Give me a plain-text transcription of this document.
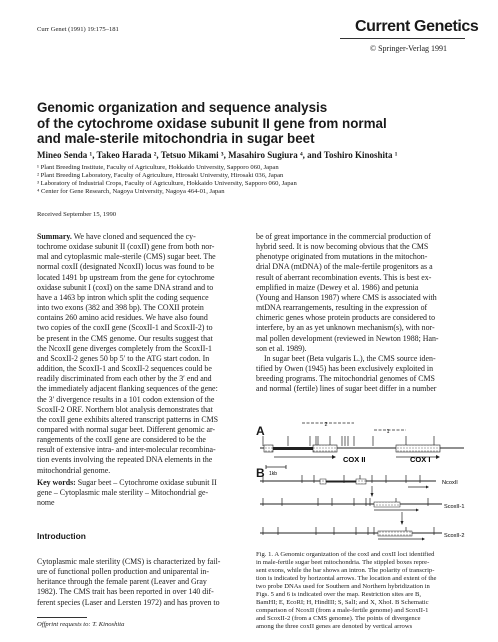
Curr Genet (1991) 19:175–181	Current Genetics
© Springer-Verlag 1991
Genomic organization and sequence analysis
of the cytochrome oxidase subunit II gene from normal
and male-sterile mitochondria in sugar beet
Mineo Senda ¹, Takeo Harada ², Tetsuo Mikami ³, Masahiro Sugiura ⁴, and Toshiro Kinoshita ¹
¹ Plant Breeding Institute, Faculty of Agriculture, Hokkaido University, Sapporo 060, Japan
² Plant Breeding Laboratory, Faculty of Agriculture, Hirosaki University, Hirosaki 036, Japan
³ Laboratory of Industrial Crops, Faculty of Agriculture, Hokkaido University, Sapporo 060, Japan
⁴ Center for Gene Research, Nagoya University, Nagoya 464-01, Japan
Received September 15, 1990
Summary. We have cloned and sequenced the cy-
tochrome oxidase subunit II (coxII) gene from both nor-
mal and cytoplasmic male-sterile (CMS) sugar beet. The
normal coxII (designated NcoxII) locus was found to be
located 1491 bp upstream from the gene for cytochrome
oxidase subunit I (coxI) on the same DNA strand and to
have a 1463 bp intron which split the coding sequence
into two exons (382 and 398 bp). The COXII protein
contains 260 amino acid residues. We have also found
two copies of the coxII gene (ScoxII-1 and ScoxII-2) to
be present in the CMS genome. Our results suggest that
the NcoxII gene diverges completely from the ScoxII-1
and ScoxII-2 genes 50 bp 5′ to the ATG start codon. In
addition, the ScoxII-1 and ScoxII-2 sequences could be
readily discriminated from each other by the 3′ end and
the immediately adjacent flanking sequences of the gene:
the 3′ divergence results in a 101 codon extension of the
ScoxII-2 ORF. Northern blot analysis demonstrates that
the coxII gene exhibits altered transcript patterns in CMS
compared with normal sugar beet. Different genomic ar-
rangements of the coxII gene are considered to be the
result of extensive intra- and inter-molecular recombina-
tion events involving the repeated DNA elements in the
mitochondrial genome.
Key words: Sugar beet – Cytochrome oxidase subunit II
gene – Cytoplasmic male sterility – Mitochondrial ge-
nome
Introduction
Cytoplasmic male sterility (CMS) is characterized by fail-
ure of functional pollen production and uniparental in-
heritance through the female parent (Leaver and Gray
1982). The CMS trait has been reported in over 140 dif-
ferent species (Laser and Lersten 1972) and has proven to
Offprint requests to: T. Kinoshita
be of great importance in the commercial production of
hybrid seed. It is now becoming obvious that the CMS
phenotype originated from mutations in the mitochon-
drial DNA (mtDNA) of the male-fertile progenitors as a
result of aberrant recombination events. This is best ex-
emplified in maize (Dewey et al. 1986) and petunia
(Young and Hanson 1987) where CMS is associated with
mtDNA rearrangements, resulting in the expression of
chimeric genes whose protein products are considered to
interfere, by an as yet unknown mechanism(s), with nor-
mal pollen development (reviewed in Newton 1988; Han-
son et al. 1989).
In sugar beet (Beta vulgaris L.), the CMS source iden-
tified by Owen (1945) has been exclusively exploited in
breeding programs. The mitochondrial genomes of CMS
and normal (fertile) lines of sugar beet differ in a number
A
B
2
1
COX II	COX I
1kb
NcoxII
ScoxII-1
ScoxII-2
Fig. 1. A Genomic organization of the coxI and coxII loci identified
in male-fertile sugar beet mitochondria. The stippled boxes repre-
sent exons, while the bar shows an intron. The polarity of transcrip-
tion is indicated by horizontal arrows. The location and extent of the
two probe DNAs used for Southern and Northern hybridization in
Figs. 5 and 6 is indicated over the map. Restriction sites are B,
BamHI; E, EcoRI; H, HindIII; S, SalI; and X, XhoI. B Schematic
comparison of NcoxII (from a male-fertile genome) and ScoxII-1
and ScoxII-2 (from a CMS genome). The points of divergence
among the three coxII genes are denoted by vertical arrows
